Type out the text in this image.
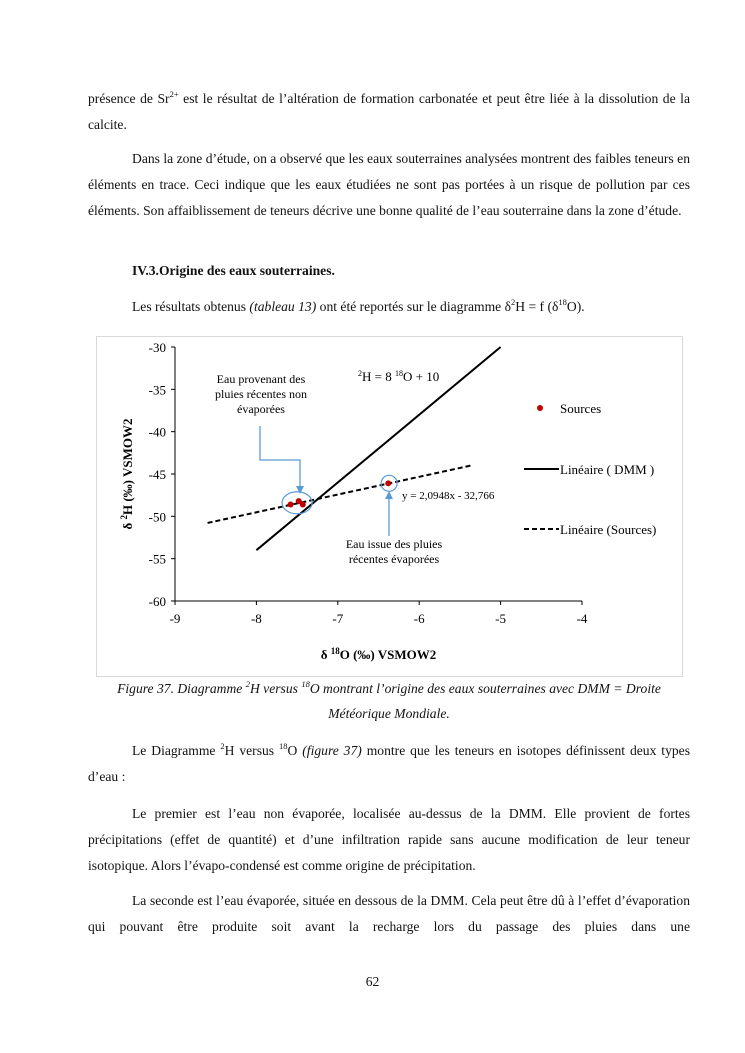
présence de $Sr^{2+}$ est le résultat de l’altération de formation carbonatée et peut être liée à la dissolution de la calcite.
Dans la zone d’étude, on a observé que les eaux souterraines analysées montrent des faibles teneurs en éléments en trace. Ceci indique que les eaux étudiées ne sont pas portées à un risque de pollution par ces éléments. Son affaiblissement de teneurs décrive une bonne qualité de l’eau souterraine dans la zone d’étude.
IV.3.Origine des eaux souterraines.
Les résultats obtenus (tableau 13) ont été reportés sur le diagramme $\delta^2H = f$ $(\delta^{18}O)$.
-30
-35
-40
-45
-50
-55
-60
-9	-8	-7	-6	-5	-4
δ $^{18}$O (‰) VSMOW2
δ $^2$H (‰) VSMOW2
Eau provenant des
pluies récentes non
évaporées
Eau issue des pluies
récentes évaporées
$^2$H = 8 $^{18}$O + 10
y = 2,0948x - 32,766
Sources
Linéaire ( DMM )
Linéaire (Sources)
Figure 37. Diagramme $^2$H versus $^{18}$O montrant l’origine des eaux souterraines avec DMM = Droite Météorique Mondiale.
Le Diagramme $^2$H versus $^{18}$O (figure 37) montre que les teneurs en isotopes définissent deux types d’eau :
Le premier est l’eau non évaporée, localisée au-dessus de la DMM. Elle provient de fortes précipitations (effet de quantité) et d’une infiltration rapide sans aucune modification de leur teneur isotopique. Alors l’évapo-condensé est comme origine de précipitation.
La seconde est l’eau évaporée, située en dessous de la DMM. Cela peut être dû à l’effet d’évaporation qui pouvant être produite soit avant la recharge lors du passage des pluies dans une
62
